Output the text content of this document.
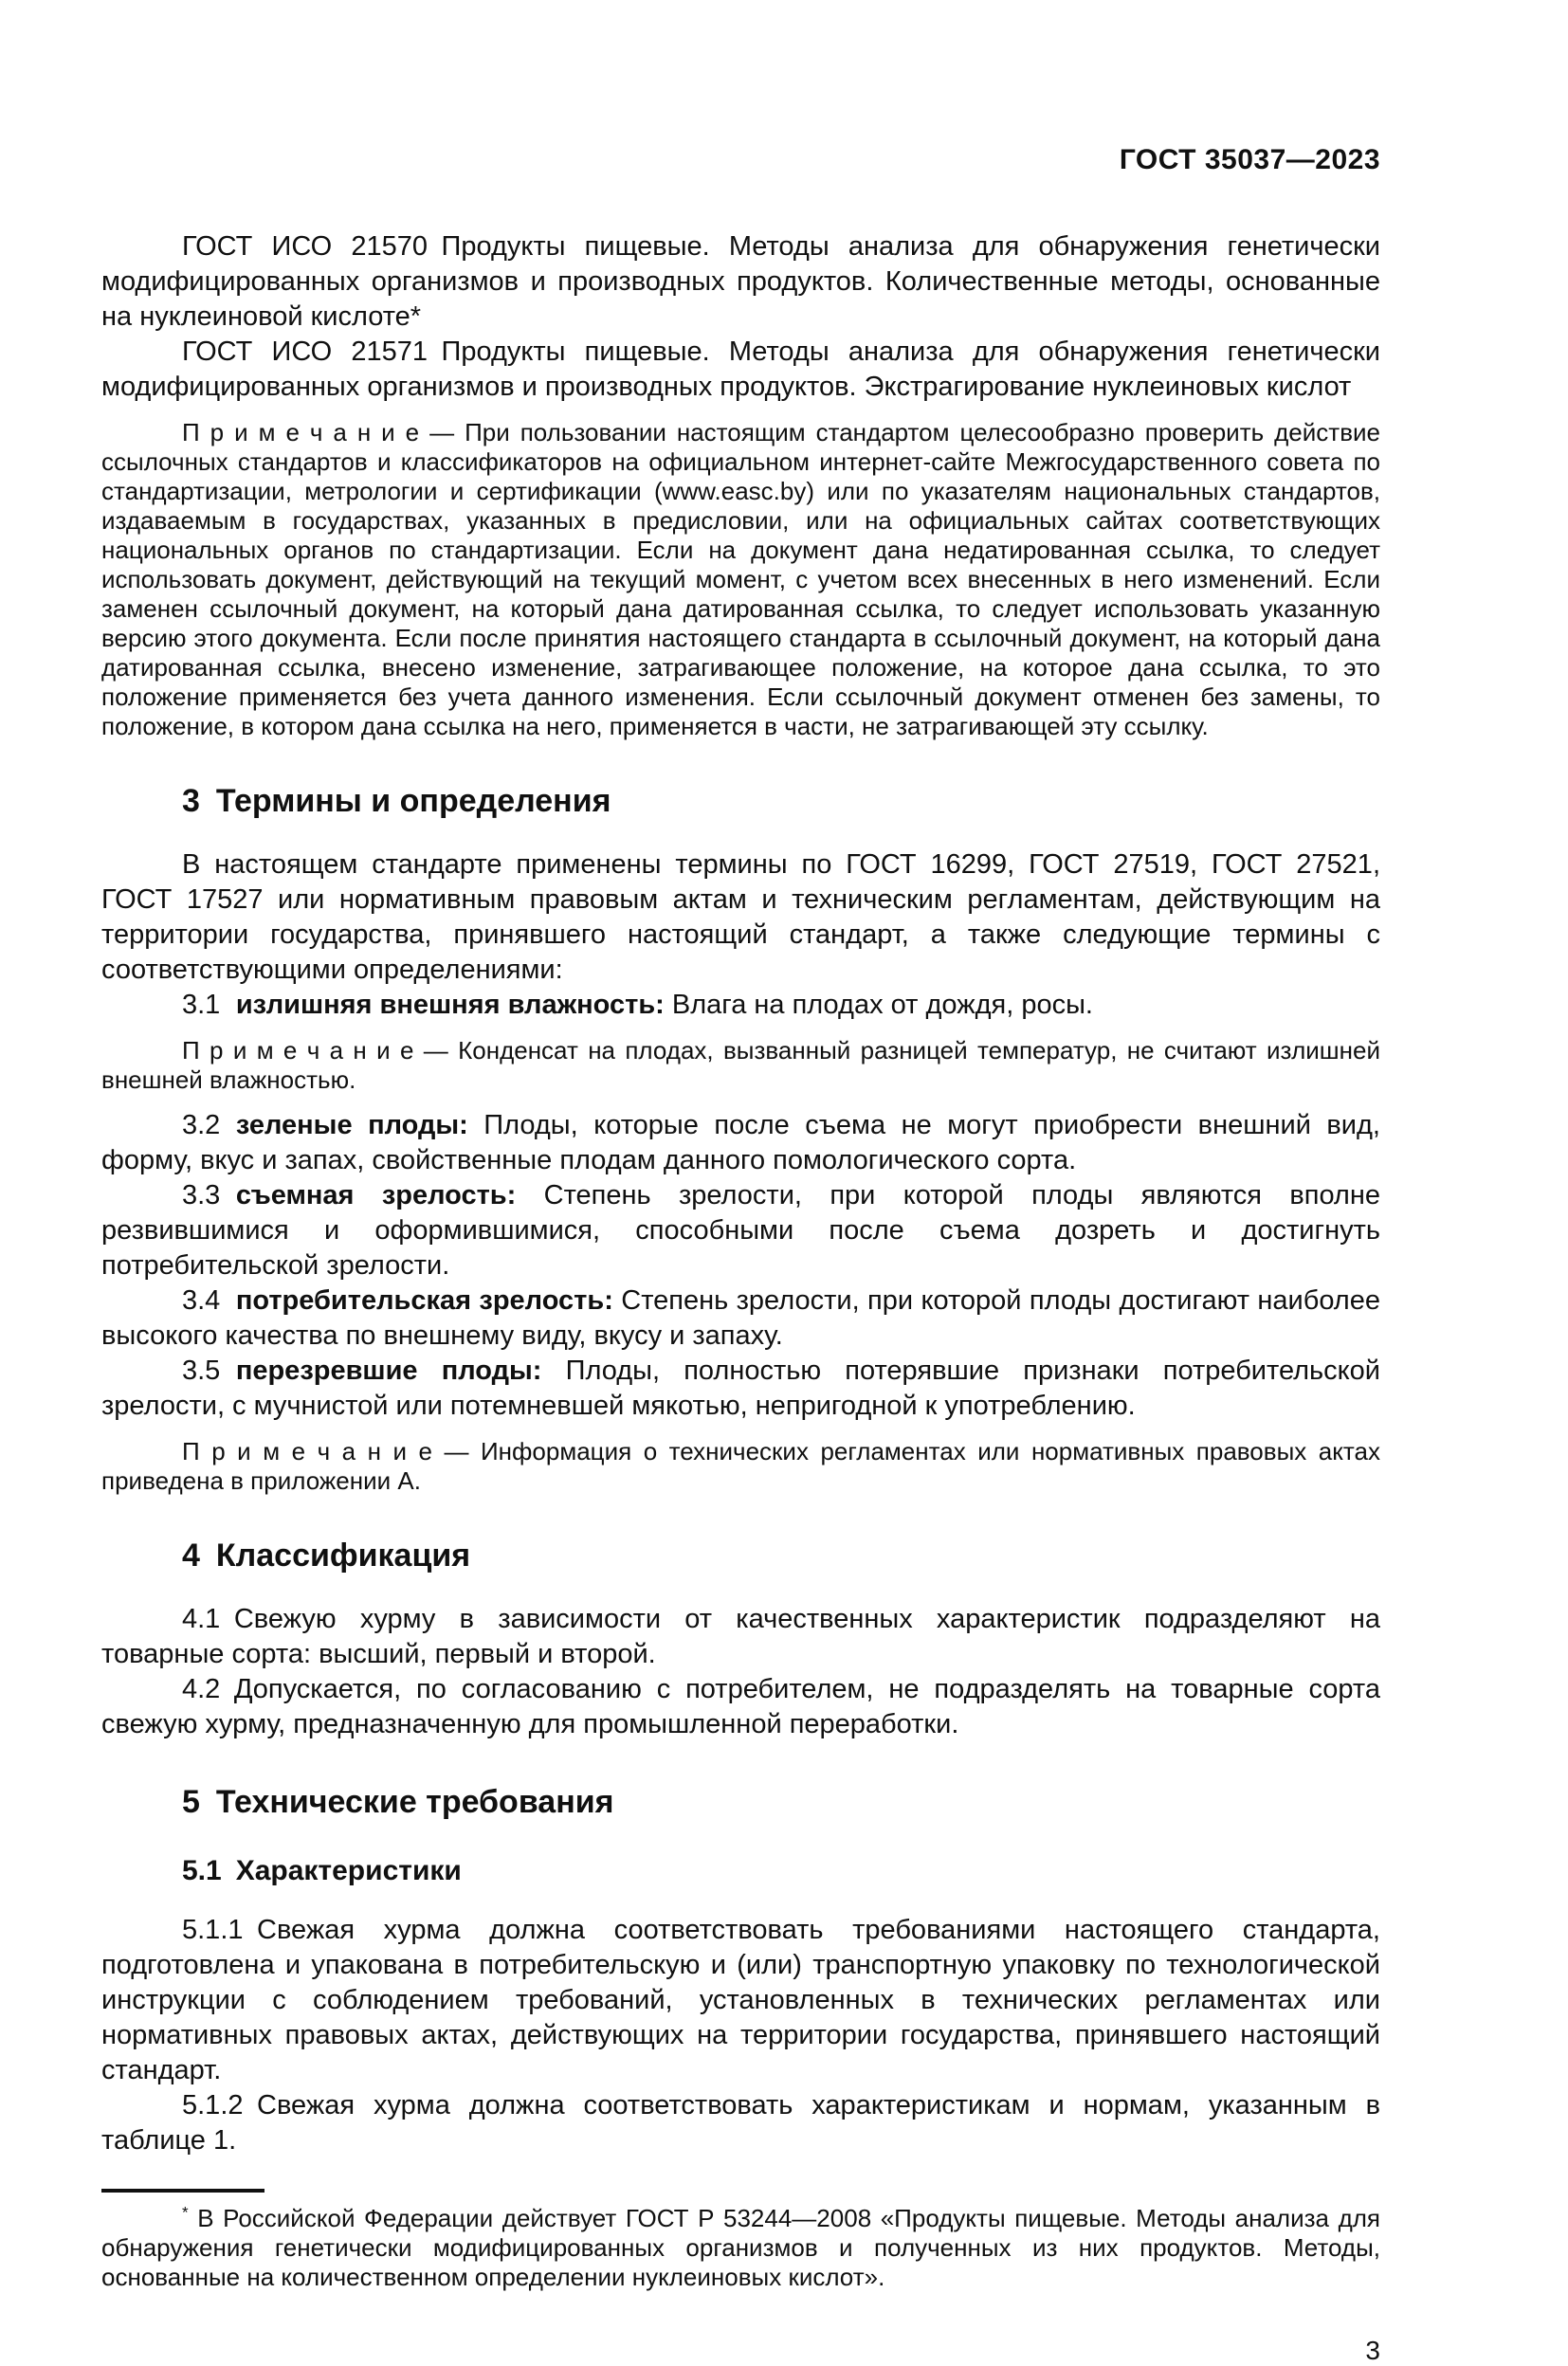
ГОСТ 35037—2023

ГОСТ ИСО 21570 Продукты пищевые. Методы анализа для обнаружения генетически модифицированных организмов и производных продуктов. Количественные методы, основанные на нуклеиновой кислоте*

ГОСТ ИСО 21571 Продукты пищевые. Методы анализа для обнаружения генетически модифицированных организмов и производных продуктов. Экстрагирование нуклеиновых кислот

П р и м е ч а н и е — При пользовании настоящим стандартом целесообразно проверить действие ссылочных стандартов и классификаторов на официальном интернет-сайте Межгосударственного совета по стандартизации, метрологии и сертификации (www.easc.by) или по указателям национальных стандартов, издаваемым в государствах, указанных в предисловии, или на официальных сайтах соответствующих национальных органов по стандартизации. Если на документ дана недатированная ссылка, то следует использовать документ, действующий на текущий момент, с учетом всех внесенных в него изменений. Если заменен ссылочный документ, на который дана датированная ссылка, то следует использовать указанную версию этого документа. Если после принятия настоящего стандарта в ссылочный документ, на который дана датированная ссылка, внесено изменение, затрагивающее положение, на которое дана ссылка, то это положение применяется без учета данного изменения. Если ссылочный документ отменен без замены, то положение, в котором дана ссылка на него, применяется в части, не затрагивающей эту ссылку.

3 Термины и определения

В настоящем стандарте применены термины по ГОСТ 16299, ГОСТ 27519, ГОСТ 27521, ГОСТ 17527 или нормативным правовым актам и техническим регламентам, действующим на территории государства, принявшего настоящий стандарт, а также следующие термины с соответствующими определениями:

3.1 излишняя внешняя влажность: Влага на плодах от дождя, росы.

П р и м е ч а н и е — Конденсат на плодах, вызванный разницей температур, не считают излишней внешней влажностью.

3.2 зеленые плоды: Плоды, которые после съема не могут приобрести внешний вид, форму, вкус и запах, свойственные плодам данного помологического сорта.

3.3 съемная зрелость: Степень зрелости, при которой плоды являются вполне резвившимися и оформившимися, способными после съема дозреть и достигнуть потребительской зрелости.

3.4 потребительская зрелость: Степень зрелости, при которой плоды достигают наиболее высокого качества по внешнему виду, вкусу и запаху.

3.5 перезревшие плоды: Плоды, полностью потерявшие признаки потребительской зрелости, с мучнистой или потемневшей мякотью, непригодной к употреблению.

П р и м е ч а н и е — Информация о технических регламентах или нормативных правовых актах приведена в приложении А.

4 Классификация

4.1 Свежую хурму в зависимости от качественных характеристик подразделяют на товарные сорта: высший, первый и второй.

4.2 Допускается, по согласованию с потребителем, не подразделять на товарные сорта свежую хурму, предназначенную для промышленной переработки.

5 Технические требования
5.1 Характеристики

5.1.1 Свежая хурма должна соответствовать требованиями настоящего стандарта, подготовлена и упакована в потребительскую и (или) транспортную упаковку по технологической инструкции с соблюдением требований, установленных в технических регламентах или нормативных правовых актах, действующих на территории государства, принявшего настоящий стандарт.

5.1.2 Свежая хурма должна соответствовать характеристикам и нормам, указанным в таблице 1.

* В Российской Федерации действует ГОСТ Р 53244—2008 «Продукты пищевые. Методы анализа для обнаружения генетически модифицированных организмов и полученных из них продуктов. Методы, основанные на количественном определении нуклеиновых кислот».

3
